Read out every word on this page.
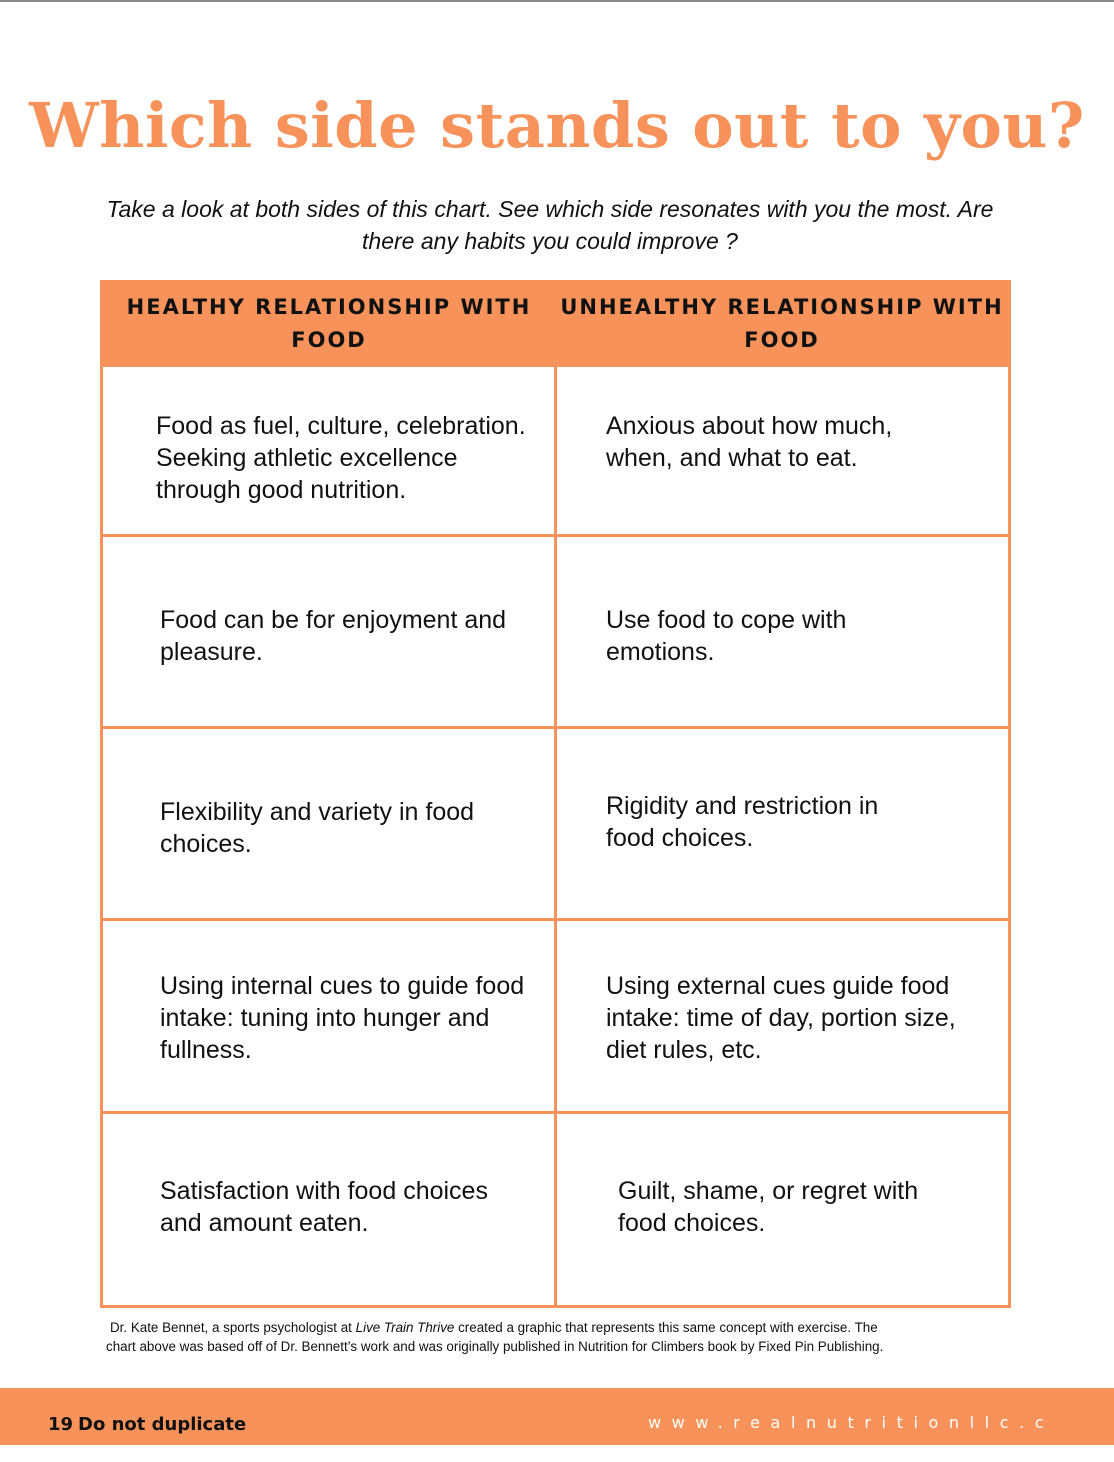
Which side stands out to you?
Take a look at both sides of this chart. See which side resonates with you the most. Are there any habits you could improve ?
HEALTHY RELATIONSHIP WITH FOOD
UNHEALTHY RELATIONSHIP WITH FOOD
Food as fuel, culture, celebration. Seeking athletic excellence through good nutrition.
Anxious about how much, when, and what to eat.
Food can be for enjoyment and pleasure.
Use food to cope with emotions.
Flexibility and variety in food choices.
Rigidity and restriction in food choices.
Using internal cues to guide food intake: tuning into hunger and fullness.
Using external cues guide food intake: time of day, portion size, diet rules, etc.
Satisfaction with food choices and amount eaten.
Guilt, shame, or regret with food choices.
Dr. Kate Bennet, a sports psychologist at Live Train Thrive created a graphic that represents this same concept with exercise. The
chart above was based off of Dr. Bennett’s work and was originally published in Nutrition for Climbers book by Fixed Pin Publishing.
19 Do not duplicate	www.realnutritionllc.com
